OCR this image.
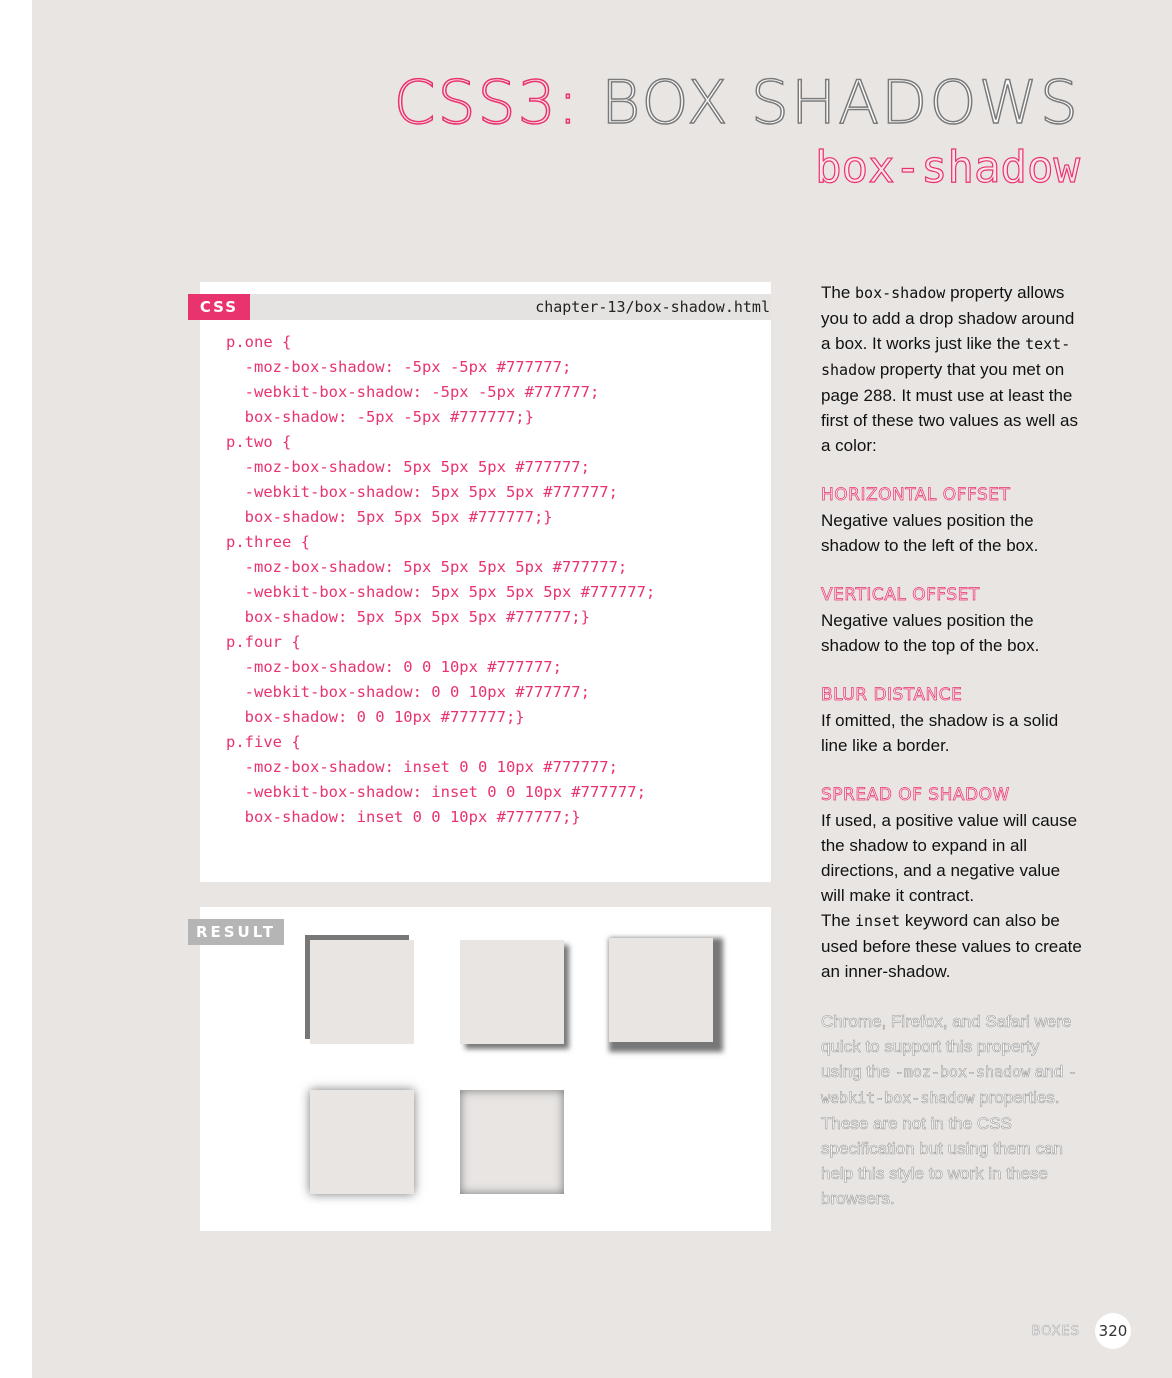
CSS3: BOX SHADOWS
box-shadow
CSS	chapter-13/box-shadow.html
p.one {
-moz-box-shadow: -5px -5px #777777;
-webkit-box-shadow: -5px -5px #777777;
box-shadow: -5px -5px #777777;}
p.two {
-moz-box-shadow: 5px 5px 5px #777777;
-webkit-box-shadow: 5px 5px 5px #777777;
box-shadow: 5px 5px 5px #777777;}
p.three {
-moz-box-shadow: 5px 5px 5px 5px #777777;
-webkit-box-shadow: 5px 5px 5px 5px #777777;
box-shadow: 5px 5px 5px 5px #777777;}
p.four {
-moz-box-shadow: 0 0 10px #777777;
-webkit-box-shadow: 0 0 10px #777777;
box-shadow: 0 0 10px #777777;}
p.five {
-moz-box-shadow: inset 0 0 10px #777777;
-webkit-box-shadow: inset 0 0 10px #777777;
box-shadow: inset 0 0 10px #777777;}
RESULT

The box-shadow property allows you to add a drop shadow around a box. It works just like the text-shadow property that you met on page 288. It must use at least the first of these two values as well as a color:

HORIZONTAL OFFSET

Negative values position the shadow to the left of the box.

VERTICAL OFFSET

Negative values position the shadow to the top of the box.

BLUR DISTANCE

If omitted, the shadow is a solid line like a border.

SPREAD OF SHADOW

If used, a positive value will cause the shadow to expand in all directions, and a negative value will make it contract.

The inset keyword can also be used before these values to create an inner-shadow.

Chrome, Firefox, and Safari were quick to support this property using the -moz-box-shadow and -webkit-box-shadow properties. These are not in the CSS specification but using them can help this style to work in these browsers.

BOXES 320
